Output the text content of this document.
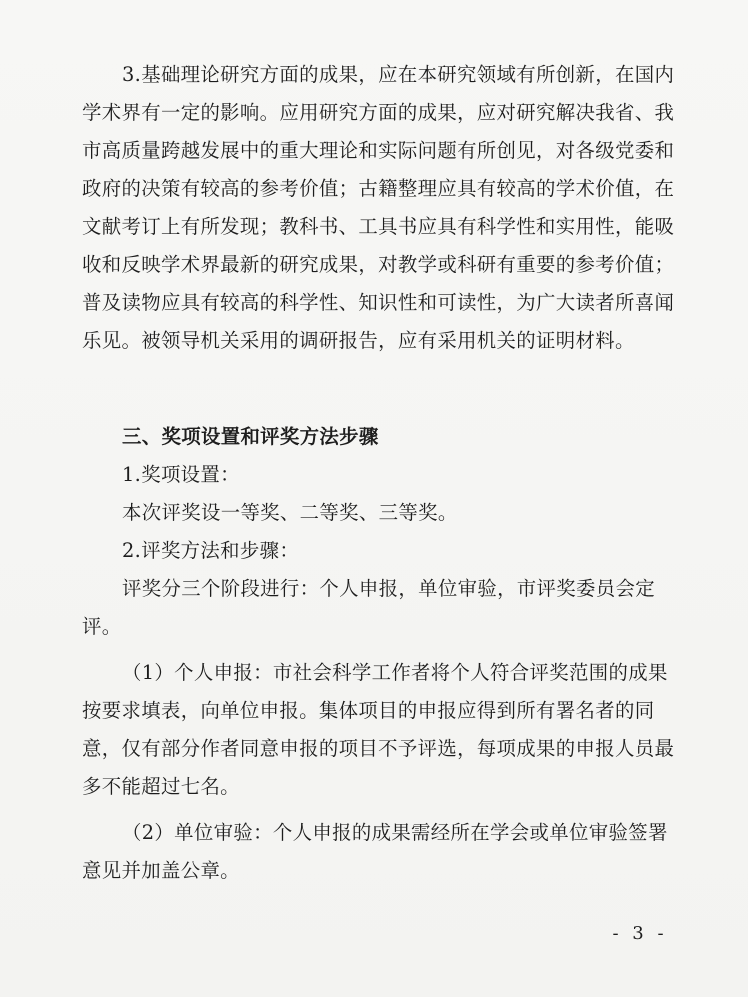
3.基础理论研究方面的成果，应在本研究领域有所创新，在国内学术界有一定的影响。应用研究方面的成果，应对研究解决我省、我市高质量跨越发展中的重大理论和实际问题有所创见，对各级党委和政府的决策有较高的参考价值；古籍整理应具有较高的学术价值，在文献考订上有所发现；教科书、工具书应具有科学性和实用性，能吸收和反映学术界最新的研究成果，对教学或科研有重要的参考价值；普及读物应具有较高的科学性、知识性和可读性，为广大读者所喜闻乐见。被领导机关采用的调研报告，应有采用机关的证明材料。

三、奖项设置和评奖方法步骤

1.奖项设置：

本次评奖设一等奖、二等奖、三等奖。

2.评奖方法和步骤：

评奖分三个阶段进行：个人申报，单位审验，市评奖委员会定评。

（1）个人申报：市社会科学工作者将个人符合评奖范围的成果按要求填表，向单位申报。集体项目的申报应得到所有署名者的同意，仅有部分作者同意申报的项目不予评选，每项成果的申报人员最多不能超过七名。

（2）单位审验：个人申报的成果需经所在学会或单位审验签署意见并加盖公章。

- 3 -
